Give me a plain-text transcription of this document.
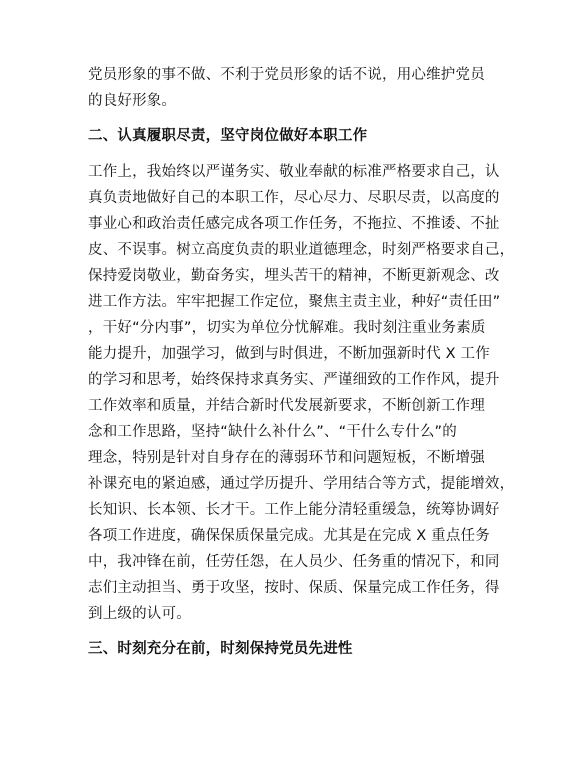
党员形象的事不做、不利于党员形象的话不说，用心维护党员
的良好形象。

二、认真履职尽责，坚守岗位做好本职工作

工作上，我始终以严谨务实、敬业奉献的标准严格要求自己，认
真负责地做好自己的本职工作，尽心尽力、尽职尽责，以高度的
事业心和政治责任感完成各项工作任务，不拖拉、不推诿、不扯
皮、不误事。树立高度负责的职业道德理念，时刻严格要求自己，
保持爱岗敬业，勤奋务实，埋头苦干的精神，不断更新观念、改
进工作方法。牢牢把握工作定位，聚焦主责主业，种好“责任田”
，干好“分内事”，切实为单位分忧解难。我时刻注重业务素质
能力提升，加强学习，做到与时俱进，不断加强新时代 X 工作
的学习和思考，始终保持求真务实、严谨细致的工作作风，提升
工作效率和质量，并结合新时代发展新要求，不断创新工作理
念和工作思路，坚持“缺什么补什么”、“干什么专什么”的
理念，特别是针对自身存在的薄弱环节和问题短板，不断增强
补课充电的紧迫感，通过学历提升、学用结合等方式，提能增效，
长知识、长本领、长才干。工作上能分清轻重缓急，统筹协调好
各项工作进度，确保保质保量完成。尤其是在完成 X 重点任务
中，我冲锋在前，任劳任怨，在人员少、任务重的情况下，和同
志们主动担当、勇于攻坚，按时、保质、保量完成工作任务，得
到上级的认可。

三、时刻充分在前，时刻保持党员先进性
